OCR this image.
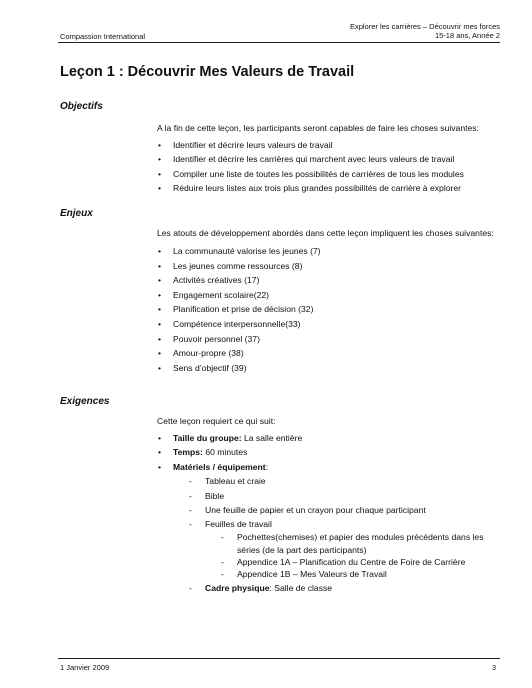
Compassion International
Explorer les carrières – Découvrir mes forces
15-18 ans, Année 2
Leçon 1 : Découvrir Mes Valeurs de Travail
Objectifs

A la fin de cette leçon, les participants seront capables de faire les choses suivantes:

• Identifier et décrire leurs valeurs de travail
• Identifier et décrire les carrières qui marchent avec leurs valeurs de travail
• Compiler une liste de toutes les possibilités de carrières de tous les modules
• Réduire leurs listes aux trois plus grandes possibilités de carrière à explorer
Enjeux

Les atouts de développement abordés dans cette leçon impliquent les choses suivantes:

• La communauté valorise les jeunes (7)
• Les jeunes comme ressources (8)
• Activités créatives (17)
• Engagement scolaire(22)
• Planification et prise de décision (32)
• Compétence interpersonnelle(33)
• Pouvoir personnel (37)
• Amour-propre (38)
• Sens d’objectif (39)
Exigences

Cette leçon requiert ce qui suit:

• Taille du groupe: La salle entière
• Temps: 60 minutes
• Matériels / équipement:
- Tableau et craie
- Bible
- Une feuille de papier et un crayon pour chaque participant
- Feuilles de travail
- Pochettes(chemises) et papier des modules précédents dans les séries (de la part des participants)
- Appendice 1A – Planification du Centre de Foire de Carrière
- Appendice 1B – Mes Valeurs de Travail
- Cadre physique: Salle de classe
1 Janvier 2009	3
